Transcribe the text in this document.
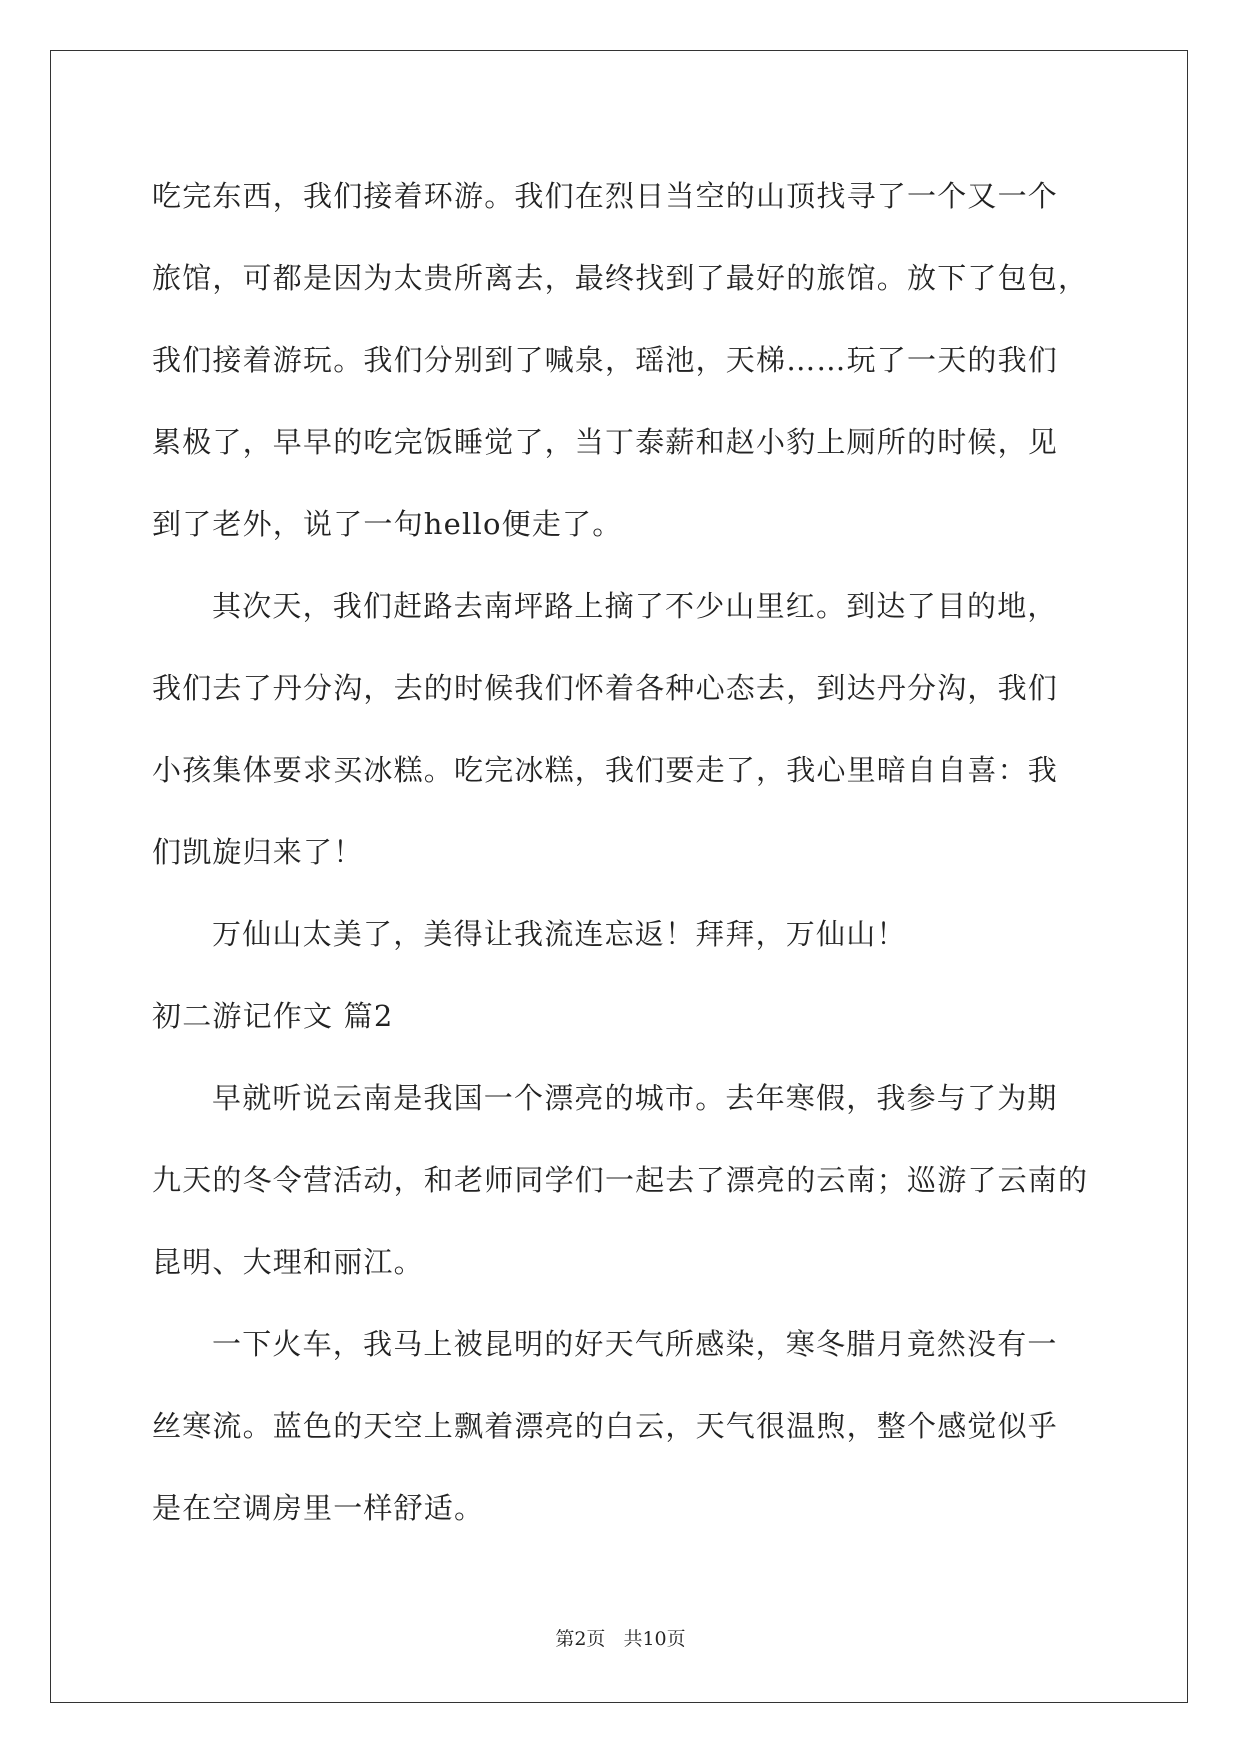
吃完东西，我们接着环游。我们在烈日当空的山顶找寻了一个又一个
旅馆，可都是因为太贵所离去，最终找到了最好的旅馆。放下了包包，
我们接着游玩。我们分别到了喊泉，瑶池，天梯……玩了一天的我们
累极了，早早的吃完饭睡觉了，当丁泰薪和赵小豹上厕所的时候，见
到了老外，说了一句hello便走了。
其次天，我们赶路去南坪路上摘了不少山里红。到达了目的地，
我们去了丹分沟，去的时候我们怀着各种心态去，到达丹分沟，我们
小孩集体要求买冰糕。吃完冰糕，我们要走了，我心里暗自自喜：我
们凯旋归来了！
万仙山太美了，美得让我流连忘返！拜拜，万仙山！
初二游记作文 篇2
早就听说云南是我国一个漂亮的城市。去年寒假，我参与了为期
九天的冬令营活动，和老师同学们一起去了漂亮的云南；巡游了云南的
昆明、大理和丽江。
一下火车，我马上被昆明的好天气所感染，寒冬腊月竟然没有一
丝寒流。蓝色的天空上飘着漂亮的白云，天气很温煦，整个感觉似乎
是在空调房里一样舒适。
第2页 共10页
